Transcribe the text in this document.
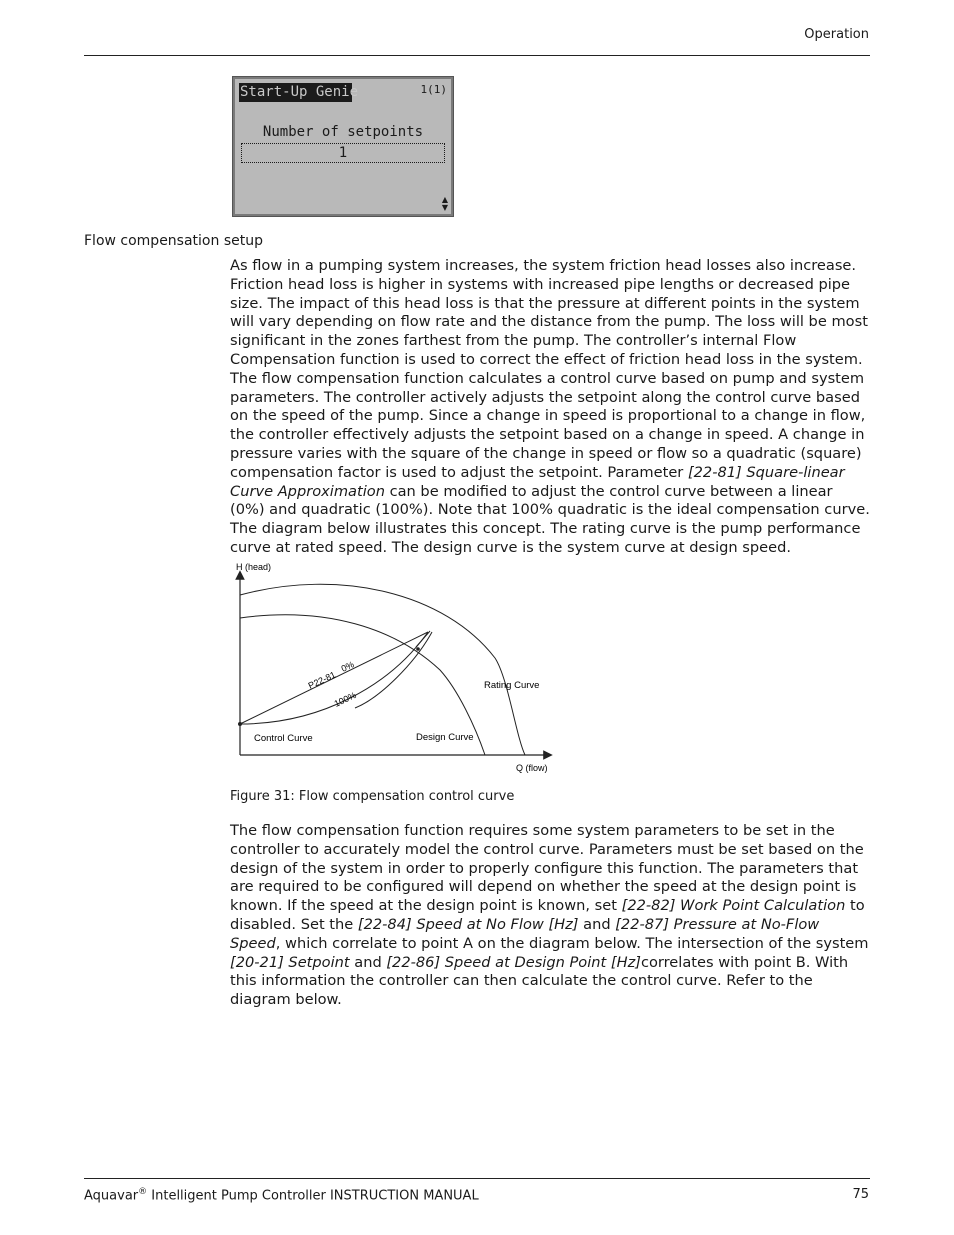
Operation
Start-Up Genie	1(1)
Number of setpoints
1
▲
▼
Flow compensation setup

As flow in a pumping system increases, the system friction head losses also increase. Friction head loss is higher in systems with increased pipe lengths or decreased pipe size. The impact of this head loss is that the pressure at different points in the system will vary depending on flow rate and the distance from the pump. The loss will be most significant in the zones farthest from the pump. The controller’s internal Flow Compensation function is used to correct the effect of friction head loss in the system. The flow compensation function calculates a control curve based on pump and system parameters. The controller actively adjusts the setpoint along the control curve based on the speed of the pump. Since a change in speed is proportional to a change in flow, the controller effectively adjusts the setpoint based on a change in speed. A change in pressure varies with the square of the change in speed or flow so a quadratic (square) compensation factor is used to adjust the setpoint. Parameter [22-81] Square-linear Curve Approximation can be modified to adjust the control curve between a linear (0%) and quadratic (100%). Note that 100% quadratic is the ideal compensation curve. The diagram below illustrates this concept. The rating curve is the pump performance curve at rated speed. The design curve is the system curve at design speed.

H (head)
Q (flow)
P22-81
0%
100%
Rating Curve
Control Curve	Design Curve
Figure 31: Flow compensation control curve

The flow compensation function requires some system parameters to be set in the controller to accurately model the control curve. Parameters must be set based on the design of the system in order to properly configure this function. The parameters that are required to be configured will depend on whether the speed at the design point is known. If the speed at the design point is known, set [22-82] Work Point Calculation to disabled. Set the [22-84] Speed at No Flow [Hz] and [22-87] Pressure at No-Flow Speed, which correlate to point A on the diagram below. The intersection of the system [20-21] Setpoint and [22-86] Speed at Design Point [Hz]correlates with point B. With this information the controller can then calculate the control curve. Refer to the diagram below.

Aquavar® Intelligent Pump Controller INSTRUCTION MANUAL	75
